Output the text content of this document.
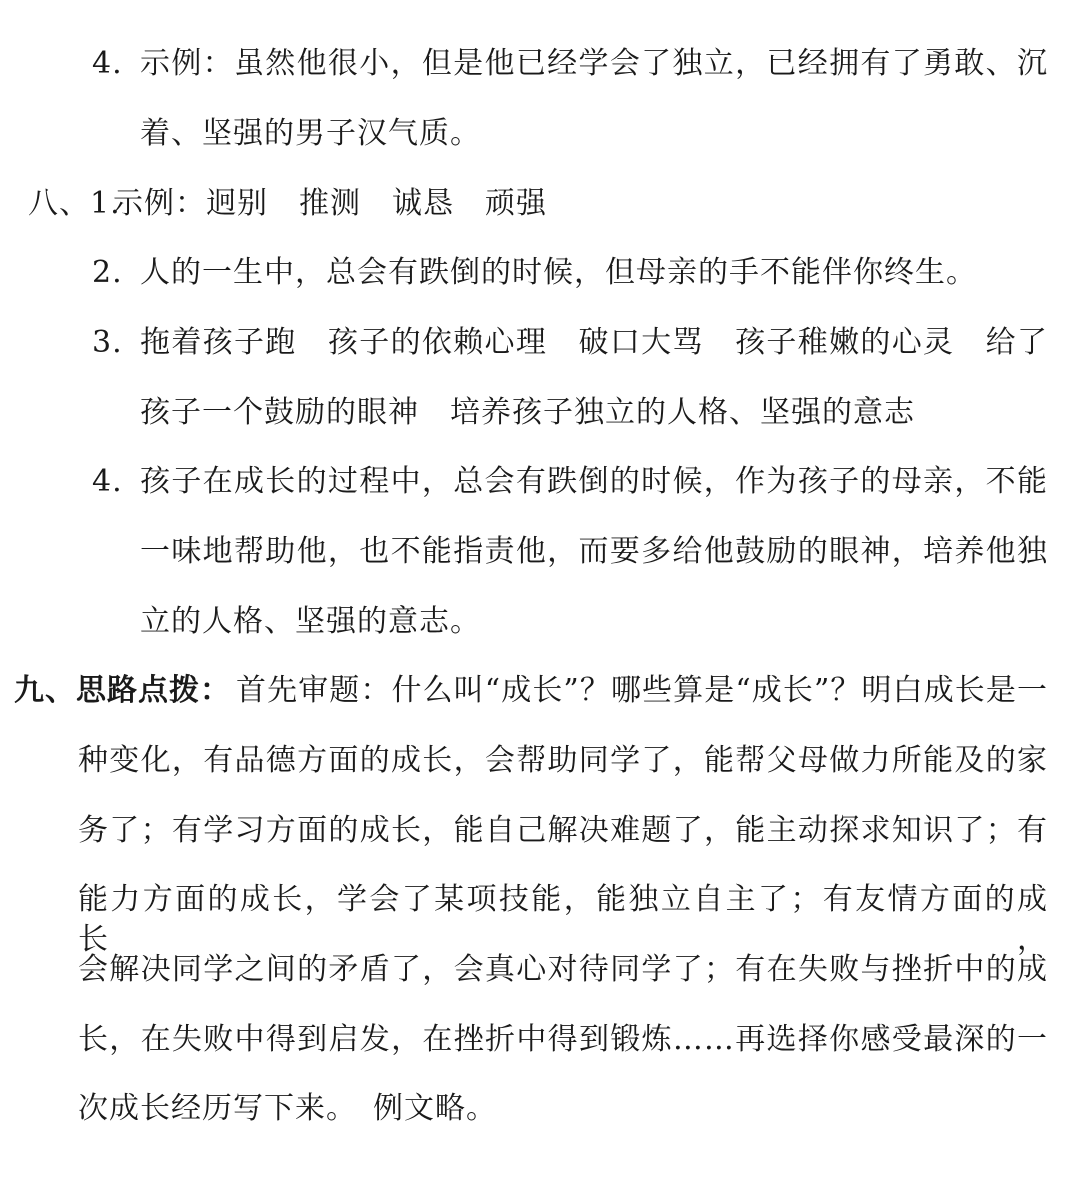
4. 示例：虽然他很小，但是他已经学会了独立，已经拥有了勇敢、沉
着、坚强的男子汉气质。
八、1.
示例：迥别　推测　诚恳　顽强
2. 人的一生中，总会有跌倒的时候，但母亲的手不能伴你终生。
3. 拖着孩子跑　孩子的依赖心理　破口大骂　孩子稚嫩的心灵　给了
孩子一个鼓励的眼神　培养孩子独立的人格、坚强的意志
4. 孩子在成长的过程中，总会有跌倒的时候，作为孩子的母亲，不能
一味地帮助他，也不能指责他，而要多给他鼓励的眼神，培养他独
立的人格、坚强的意志。
九、思路点拨： 首先审题：什么叫“成长”？哪些算是“成长”？明白成长是一
种变化，有品德方面的成长，会帮助同学了，能帮父母做力所能及的家
务了；有学习方面的成长，能自己解决难题了，能主动探求知识了；有
能力方面的成长，学会了某项技能，能独立自主了；有友情方面的成长，
会解决同学之间的矛盾了，会真心对待同学了；有在失败与挫折中的成
长，在失败中得到启发，在挫折中得到锻炼……再选择你感受最深的一
次成长经历写下来。　例文略。
